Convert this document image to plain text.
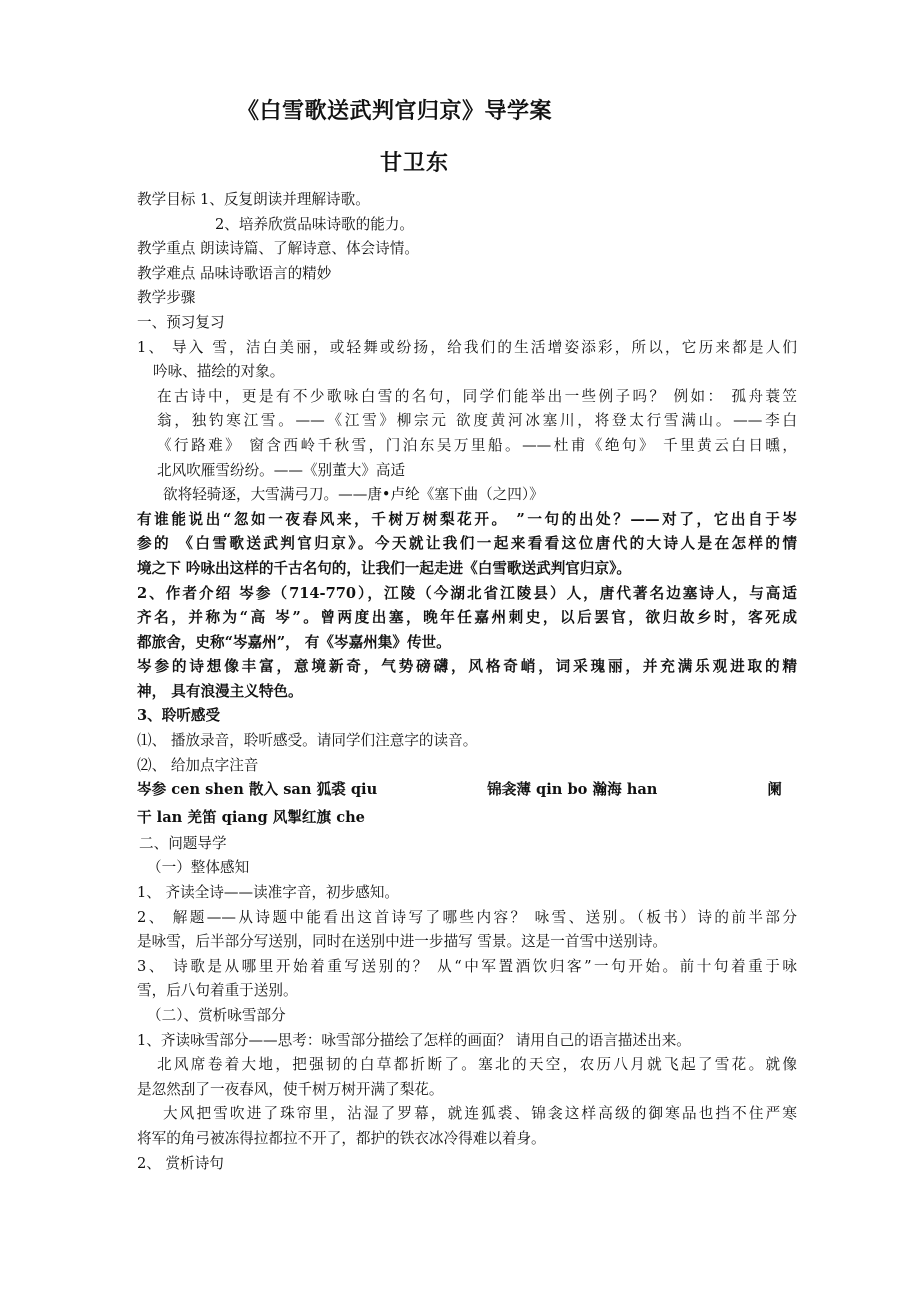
《白雪歌送武判官归京》导学案
甘卫东
教学目标 1、反复朗读并理解诗歌。
2、培养欣赏品味诗歌的能力。
教学重点 朗读诗篇、了解诗意、体会诗情。
教学难点 品味诗歌语言的精妙
教学步骤
一、预习复习
1、 导入 雪，洁白美丽，或轻舞或纷扬，给我们的生活增姿添彩，所以，它历来都是人们
吟咏、描绘的对象。
在古诗中，更是有不少歌咏白雪的名句，同学们能举出一些例子吗？ 例如： 孤舟蓑笠
翁，独钓寒江雪。——《江雪》柳宗元 欲度黄河冰塞川，将登太行雪满山。——李白
《行路难》 窗含西岭千秋雪，门泊东吴万里船。——杜甫《绝句》 千里黄云白日曛，
北风吹雁雪纷纷。——《别董大》高适
欲将轻骑逐，大雪满弓刀。——唐•卢纶《塞下曲（之四）》
有谁能说出“忽如一夜春风来，千树万树梨花开。 ”一句的出处？——对了，它出自于岑
参的 《白雪歌送武判官归京》。今天就让我们一起来看看这位唐代的大诗人是在怎样的情
境之下 吟咏出这样的千古名句的，让我们一起走进《白雪歌送武判官归京》。
2、作者介绍 岑参（714-770），江陵（今湖北省江陵县）人，唐代著名边塞诗人，与高适
齐名，并称为“高 岑”。曾两度出塞，晚年任嘉州刺史，以后罢官，欲归故乡时，客死成
都旅舍，史称“岑嘉州”， 有《岑嘉州集》传世。
岑参的诗想像丰富，意境新奇，气势磅礴，风格奇峭，词采瑰丽，并充满乐观进取的精
神， 具有浪漫主义特色。
3、聆听感受
⑴、 播放录音，聆听感受。请同学们注意字的读音。
⑵、 给加点字注音
岑参 cen shen 散入 san 狐裘 qiu	锦衾薄 qin bo 瀚海 han	阑
干 lan 羌笛 qiang 风掣红旗 che
二、问题导学
（一）整体感知
1、 齐读全诗——读准字音，初步感知。
2、 解题——从诗题中能看出这首诗写了哪些内容？ 咏雪、送别。（板书）诗的前半部分
是咏雪，后半部分写送别，同时在送别中进一步描写 雪景。这是一首雪中送别诗。
3、 诗歌是从哪里开始着重写送别的？ 从“中军置酒饮归客”一句开始。前十句着重于咏
雪，后八句着重于送别。
（二）、赏析咏雪部分
1、齐读咏雪部分——思考：咏雪部分描绘了怎样的画面？ 请用自己的语言描述出来。
北风席卷着大地，把强韧的白草都折断了。塞北的天空，农历八月就飞起了雪花。就像
是忽然刮了一夜春风，使千树万树开满了梨花。
大风把雪吹进了珠帘里，沾湿了罗幕，就连狐裘、锦衾这样高级的御寒品也挡不住严寒
将军的角弓被冻得拉都拉不开了，都护的铁衣冰冷得难以着身。
2、 赏析诗句
